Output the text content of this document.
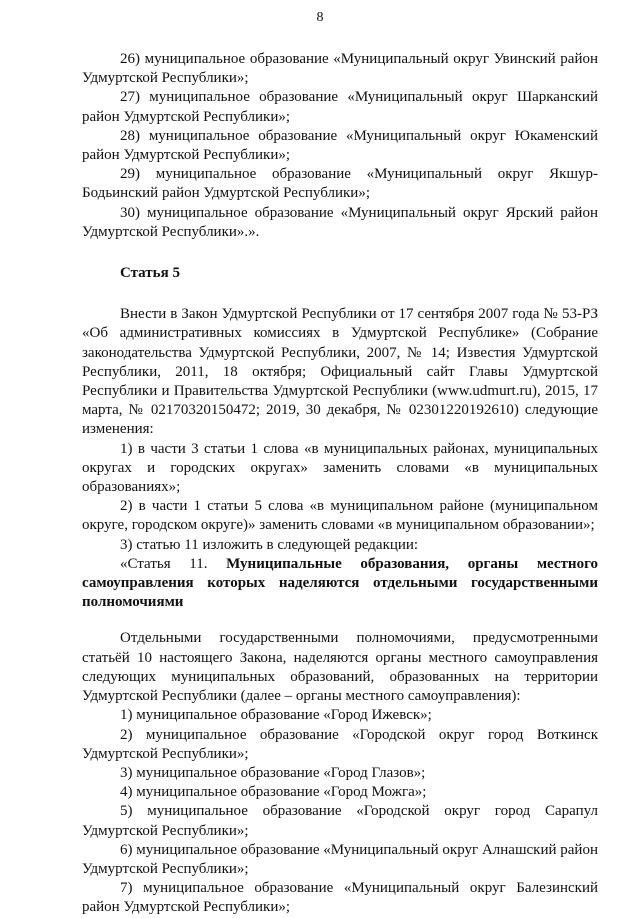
8

26) муниципальное образование «Муниципальный округ Увинский район Удмуртской Республики»;

27) муниципальное образование «Муниципальный округ Шарканский район Удмуртской Республики»;

28) муниципальное образование «Муниципальный округ Юкаменский район Удмуртской Республики»;

29) муниципальное образование «Муниципальный округ Якшур-Бодьинский район Удмуртской Республики»;

30) муниципальное образование «Муниципальный округ Ярский район Удмуртской Республики».».

Статья 5

Внести в Закон Удмуртской Республики от 17 сентября 2007 года № 53-РЗ «Об административных комиссиях в Удмуртской Республике» (Собрание законодательства Удмуртской Республики, 2007, № 14; Известия Удмуртской Республики, 2011, 18 октября; Официальный сайт Главы Удмуртской Республики и Правительства Удмуртской Республики (www.udmurt.ru), 2015, 17 марта, № 02170320150472; 2019, 30 декабря, № 02301220192610) следующие изменения:

1) в части 3 статьи 1 слова «в муниципальных районах, муниципальных округах и городских округах» заменить словами «в муниципальных образованиях»;

2) в части 1 статьи 5 слова «в муниципальном районе (муниципальном округе, городском округе)» заменить словами «в муниципальном образовании»;

3) статью 11 изложить в следующей редакции:

«Статья 11. Муниципальные образования, органы местного самоуправления которых наделяются отдельными государственными полномочиями

Отдельными государственными полномочиями, предусмотренными статьёй 10 настоящего Закона, наделяются органы местного самоуправления следующих муниципальных образований, образованных на территории Удмуртской Республики (далее – органы местного самоуправления):

1) муниципальное образование «Город Ижевск»;

2) муниципальное образование «Городской округ город Воткинск Удмуртской Республики»;

3) муниципальное образование «Город Глазов»;

4) муниципальное образование «Город Можга»;

5) муниципальное образование «Городской округ город Сарапул Удмуртской Республики»;

6) муниципальное образование «Муниципальный округ Алнашский район Удмуртской Республики»;

7) муниципальное образование «Муниципальный округ Балезинский район Удмуртской Республики»;
